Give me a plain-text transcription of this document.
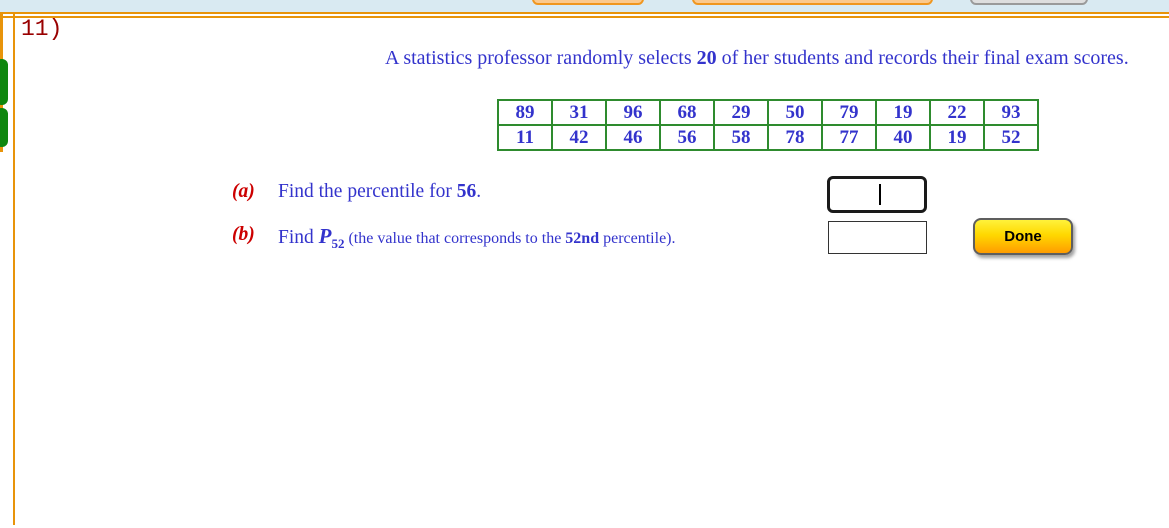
11)
A statistics professor randomly selects 20 of her students and records their final exam scores.
89	31	96	68	29	50	79	19	22	93
11	42	46	56	58	78	77	40	19	52
(a) Find the percentile for 56.
(b) Find $P_{52}$ (the value that corresponds to the 52nd percentile).	Done
